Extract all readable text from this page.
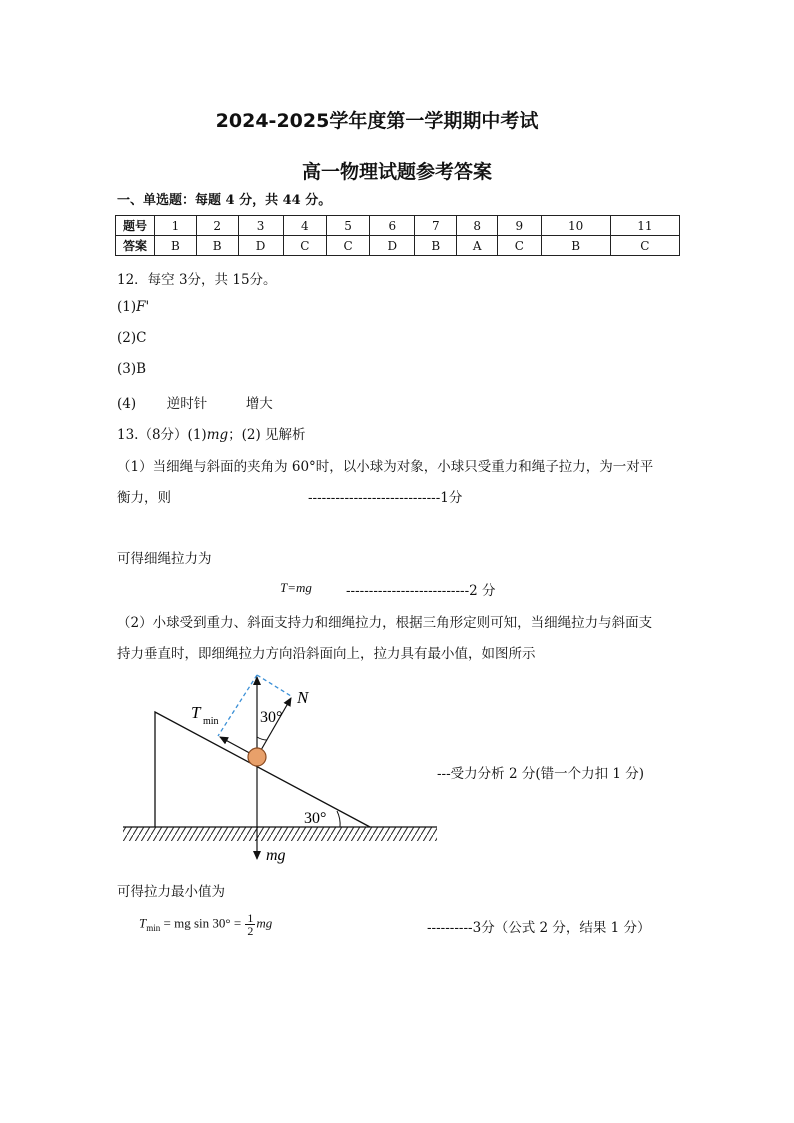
2024-2025学年度第一学期期中考试
高一物理试题参考答案
一、单选题：每题 4 分，共 44 分。
题号	1	2	3	4	5	6	7	8	9	10	11
答案	B	B	D	C	C	D	B	A	C	B	C
12．每空 3分，共 15分。
(1)F'
(2)C
(3)B
(4) 逆时针	增大
13.（8分）(1)mg；(2) 见解析
（1）当细绳与斜面的夹角为 60°时，以小球为对象，小球只受重力和绳子拉力，为一对平
衡力，则	-----------------------------1分
可得细绳拉力为
T=mg	---------------------------2 分
（2）小球受到重力、斜面支持力和细绳拉力，根据三角形定则可知，当细绳拉力与斜面支
持力垂直时，即细绳拉力方向沿斜面向上，拉力具有最小值，如图所示
T min	30°
N
30°
mg
---受力分析 2 分(错一个力扣 1 分)
可得拉力最小值为
$T_{min}$ = mg $\sin 30^\circ = \frac{1}{2}$ mg	----------3分（公式 2 分，结果 1 分）
